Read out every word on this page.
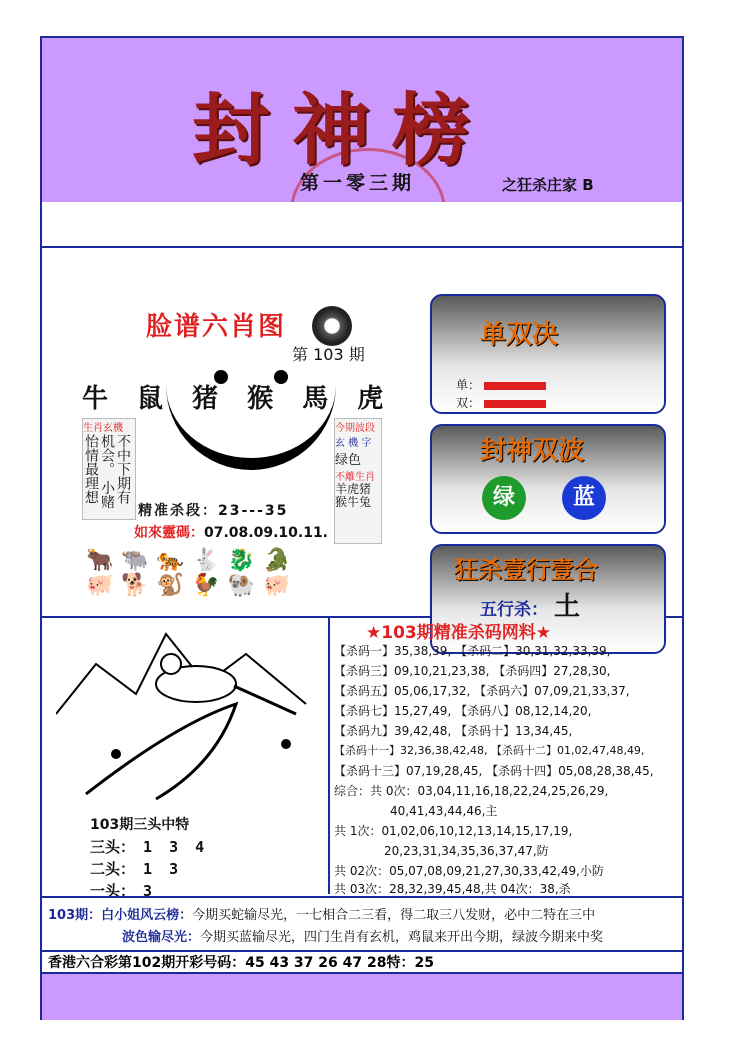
封神榜
第一零三期	之狂杀庄家 B
脸谱六肖图
第 103 期
牛 鼠 猪 猴 馬 虎
生肖玄機
不中下期有机会。 小赌怡情最理想
今期波段
玄 機 字
绿色
不離生肖
羊虎猪猴牛兔
精准杀段：23---35
如來靈碼：07.08.09.10.11.
🐂🐃🐅🐇🐉🐊
🐖🐕🐒🐓🐏🐖
单双决
单：
双：
封神双波
绿	蓝
狂杀壹行壹合
五行杀： 土
103期三头中特
三头： 1 3 4
二头： 1 3
一头： 3
★103期精准杀码网料★
【杀码一】35,38,39, 【杀码二】30,31,32,33,39,
【杀码三】09,10,21,23,38, 【杀码四】27,28,30,
【杀码五】05,06,17,32, 【杀码六】07,09,21,33,37,
【杀码七】15,27,49, 【杀码八】08,12,14,20,
【杀码九】39,42,48, 【杀码十】13,34,45,
【杀码十一】32,36,38,42,48, 【杀码十二】01,02,47,48,49,
【杀码十三】07,19,28,45, 【杀码十四】05,08,28,38,45,
综合：共 0次：03,04,11,16,18,22,24,25,26,29,
40,41,43,44,46,主
共 1次：01,02,06,10,12,13,14,15,17,19,
20,23,31,34,35,36,37,47,防
共 02次：05,07,08,09,21,27,30,33,42,49,小防
共 03次：28,32,39,45,48,共 04次：38,杀
103期：白小姐风云榜：今期买蛇输尽光，一七相合二三看，得二取三八发财，必中二特在三中
波色输尽光：今期买蓝输尽光，四门生肖有玄机，鸡鼠来开出今期，绿波今期来中奖
香港六合彩第102期开彩号码：45 43 37 26 47 28特：25
